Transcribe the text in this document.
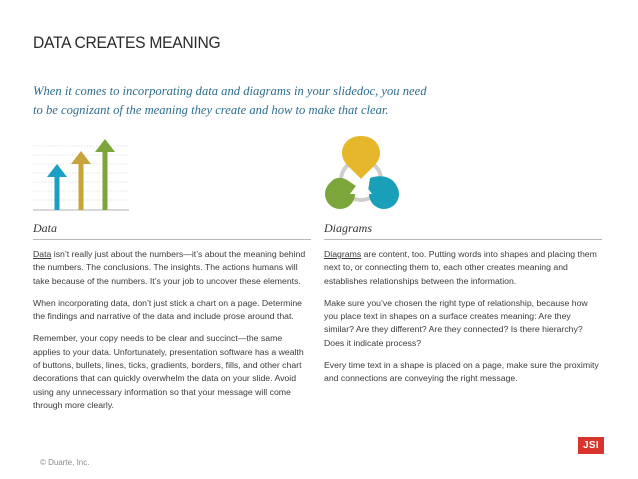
DATA CREATES MEANING

When it comes to incorporating data and diagrams in your slidedoc, you need

to be cognizant of the meaning they create and how to make that clear.

Data

Data isn’t really just about the numbers—it’s about the meaning behind the numbers. The conclusions. The insights. The actions humans will take because of the numbers. It’s your job to uncover these elements.

When incorporating data, don’t just stick a chart on a page. Determine the findings and narrative of the data and include prose around that.

Remember, your copy needs to be clear and succinct—the same applies to your data. Unfortunately, presentation software has a wealth of buttons, bullets, lines, ticks, gradients, borders, fills, and other chart decorations that can quickly overwhelm the data on your slide. Avoid using any unnecessary information so that your message will come through more clearly.

Diagrams

Diagrams are content, too. Putting words into shapes and placing them next to, or connecting them to, each other creates meaning and establishes relationships between the information.

Make sure you’ve chosen the right type of relationship, because how you place text in shapes on a surface creates meaning: Are they similar? Are they different? Are they connected? Is there hierarchy? Does it indicate process?

Every time text in a shape is placed on a page, make sure the proximity and connections are conveying the right message.

© Duarte, Inc.
JSI
